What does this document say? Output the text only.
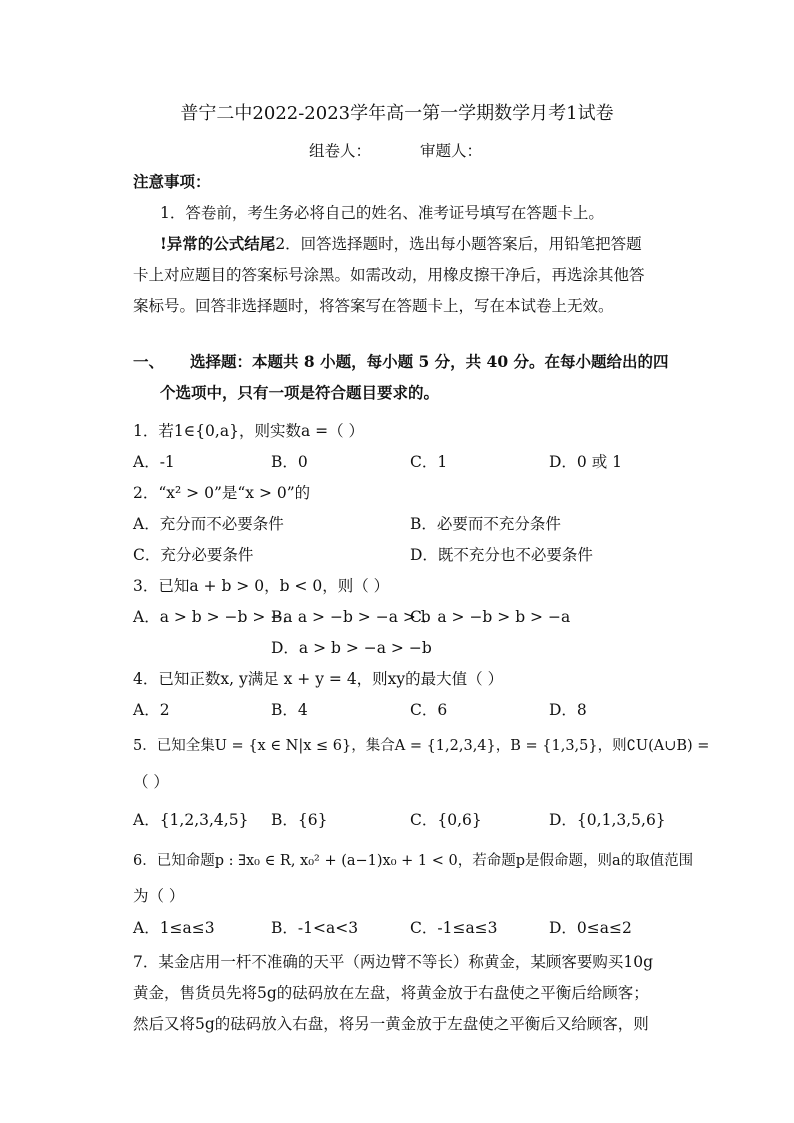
普宁二中2022-2023学年高一第一学期数学月考1试卷
组卷人：	审题人：
注意事项：
1．答卷前，考生务必将自己的姓名、准考证号填写在答题卡上。
!异常的公式结尾2．回答选择题时，选出每小题答案后，用铅笔把答题
卡上对应题目的答案标号涂黑。如需改动，用橡皮擦干净后，再选涂其他答
案标号。回答非选择题时，将答案写在答题卡上，写在本试卷上无效。
一、 选择题：本题共 8 小题，每小题 5 分，共 40 分。在每小题给出的四
个选项中，只有一项是符合题目要求的。
1．若1∈{0,a}，则实数a =（ ）
A．-1	B．0	C．1	D．0 或 1
2．“x² > 0”是“x > 0”的
A．充分而不必要条件	B．必要而不充分条件
C．充分必要条件	D．既不充分也不必要条件
3．已知a + b > 0，b < 0，则（ ）
A．a > b > −b > −a
B．a > −b > −a > b
C．a > −b > b > −a
D．a > b > −a > −b
4．已知正数x, y满足 x + y = 4，则xy的最大值（ ）
A．2	B．4	C．6	D．8
5．已知全集U = {x ∈ N|x ≤ 6}，集合A = {1,2,3,4}，B = {1,3,5}，则∁U(A∪B) =
（ ）
A．{1,2,3,4,5} B．{6}	C．{0,6}	D．{0,1,3,5,6}
6．已知命题p : ∃x₀ ∈ R, x₀² + (a−1)x₀ + 1 < 0，若命题p是假命题，则a的取值范围
为（ ）
A．1≤a≤3	B．-1<a<3	C．-1≤a≤3	D．0≤a≤2
7．某金店用一杆不准确的天平（两边臂不等长）称黄金，某顾客要购买10g
黄金，售货员先将5g的砝码放在左盘，将黄金放于右盘使之平衡后给顾客；
然后又将5g的砝码放入右盘，将另一黄金放于左盘使之平衡后又给顾客，则
